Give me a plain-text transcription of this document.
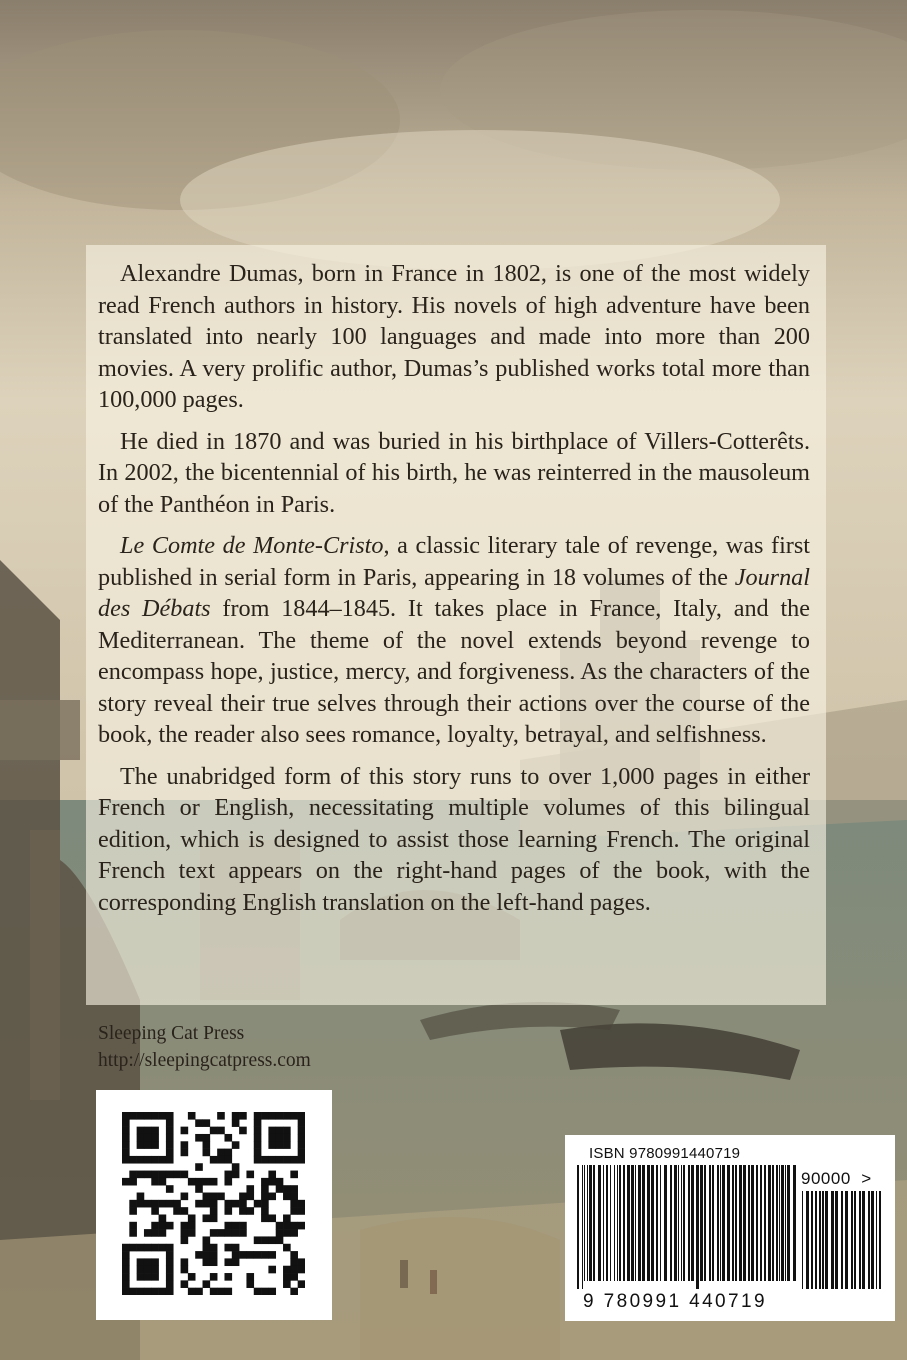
Alexandre Dumas, born in France in 1802, is one of the most widely read French authors in history. His novels of high adventure have been translated into nearly 100 languages and made into more than 200 movies. A very prolific author, Dumas’s published works total more than 100,000 pages.

He died in 1870 and was buried in his birthplace of Villers-Cotterêts. In 2002, the bicentennial of his birth, he was reinterred in the mausoleum of the Panthéon in Paris.

Le Comte de Monte-Cristo, a classic literary tale of revenge, was first published in serial form in Paris, appearing in 18 volumes of the Journal des Débats from 1844–1845. It takes place in France, Italy, and the Mediterranean. The theme of the novel extends beyond revenge to encompass hope, justice, mercy, and forgiveness. As the characters of the story reveal their true selves through their actions over the course of the book, the reader also sees romance, loyalty, betrayal, and selfishness.

The unabridged form of this story runs to over 1,000 pages in either French or English, necessitating multiple volumes of this bilingual edition, which is designed to assist those learning French. The original French text appears on the right-hand pages of the book, with the corresponding English translation on the left-hand pages.

Sleeping Cat Press
http://sleepingcatpress.com
ISBN 9780991440719
90000 >
9 780991 440719
